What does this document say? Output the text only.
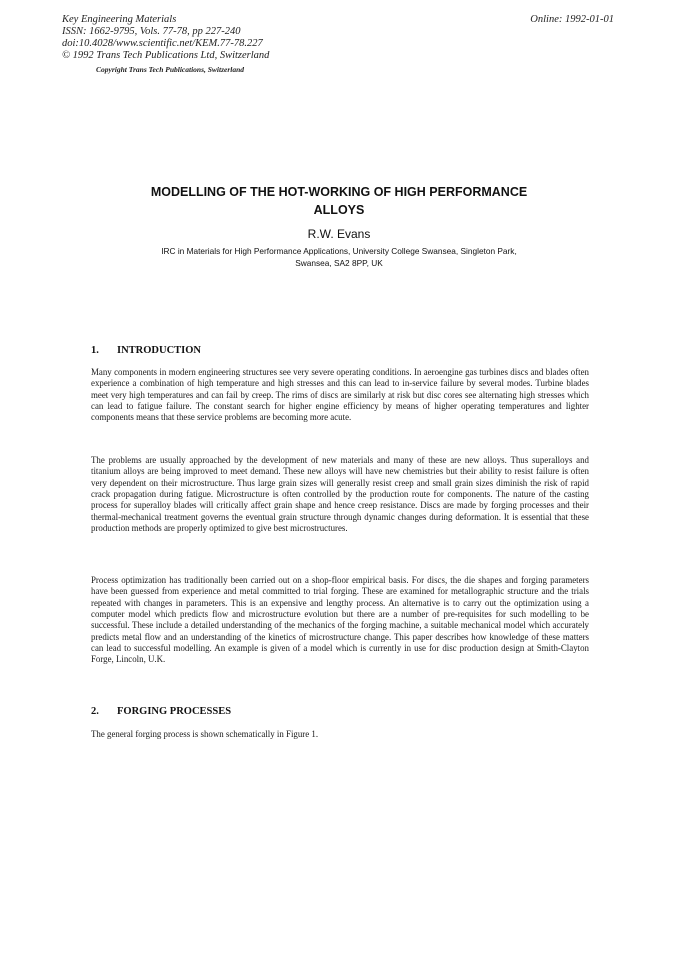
Key Engineering Materials
ISSN: 1662-9795, Vols. 77-78, pp 227-240
doi:10.4028/www.scientific.net/KEM.77-78.227
© 1992 Trans Tech Publications Ltd, Switzerland
Online: 1992-01-01
Copyright Trans Tech Publications, Switzerland
MODELLING OF THE HOT-WORKING OF HIGH PERFORMANCE
ALLOYS
R.W. Evans
IRC in Materials for High Performance Applications, University College Swansea, Singleton Park,
Swansea, SA2 8PP, UK
1. INTRODUCTION

Many components in modern engineering structures see very severe operating conditions. In aeroengine gas turbines discs and blades often experience a combination of high temperature and high stresses and this can lead to in-service failure by several modes. Turbine blades meet very high temperatures and can fail by creep. The rims of discs are similarly at risk but disc cores see alternating high stresses which can lead to fatigue failure. The constant search for higher engine efficiency by means of higher operating temperatures and lighter components means that these service problems are becoming more acute.

The problems are usually approached by the development of new materials and many of these are new alloys. Thus superalloys and titanium alloys are being improved to meet demand. These new alloys will have new chemistries but their ability to resist failure is often very dependent on their microstructure. Thus large grain sizes will generally resist creep and small grain sizes diminish the risk of rapid crack propagation during fatigue. Microstructure is often controlled by the production route for components. The nature of the casting process for superalloy blades will critically affect grain shape and hence creep resistance. Discs are made by forging processes and their thermal-mechanical treatment governs the eventual grain structure through dynamic changes during deformation. It is essential that these production methods are properly optimized to give best microstructures.

Process optimization has traditionally been carried out on a shop-floor empirical basis. For discs, the die shapes and forging parameters have been guessed from experience and metal committed to trial forging. These are examined for metallographic structure and the trials repeated with changes in parameters. This is an expensive and lengthy process. An alternative is to carry out the optimization using a computer model which predicts flow and microstructure evolution but there are a number of pre-requisites for such modelling to be successful. These include a detailed understanding of the mechanics of the forging machine, a suitable mechanical model which accurately predicts metal flow and an understanding of the kinetics of microstructure change. This paper describes how knowledge of these matters can lead to successful modelling. An example is given of a model which is currently in use for disc production design at Smith-Clayton Forge, Lincoln, U.K.

2. FORGING PROCESSES

The general forging process is shown schematically in Figure 1.
